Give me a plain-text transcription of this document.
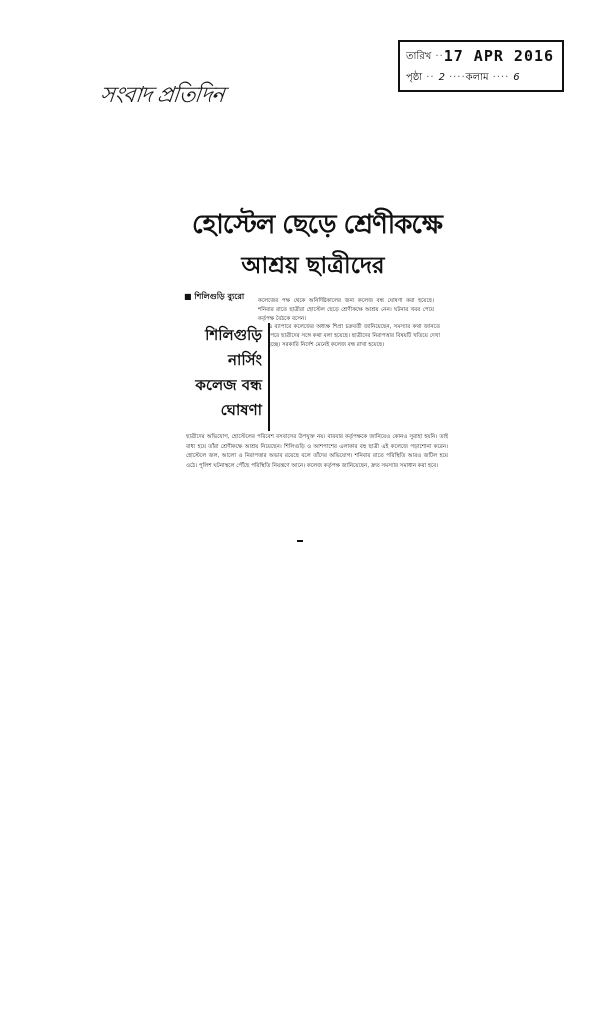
সংবাদ প্রতিদিন
তারিখ ·· 17 APR 2016
পৃষ্ঠা ·· 2 ···· কলাম ···· 6
হোস্টেল ছেড়ে শ্রেণীকক্ষে
আশ্রয় ছাত্রীদের
■ শিলিগুড়ি ব্যুরো	কলেজের পক্ষ থেকে অনির্দিষ্টকালের জন্য কলেজ বন্ধ ঘোষণা করা হয়েছে। শনিবার রাতে ছাত্রীরা হোস্টেল ছেড়ে শ্রেণীকক্ষে আশ্রয় নেন। ঘটনার খবর পেয়ে কর্তৃপক্ষ বৈঠকে বসেন।
শিলিগুড়ি
নার্সিং
কলেজ বন্ধ
ঘোষণা
এ ব্যাপারে কলেজের অধ্যক্ষ শিপ্রা চক্রবর্তী জানিয়েছেন, সমস্যার কথা জানতে পেরে ছাত্রীদের সঙ্গে কথা বলা হয়েছে। ছাত্রীদের নিরাপত্তার বিষয়টি খতিয়ে দেখা হচ্ছে। সরকারি নির্দেশ মেনেই কলেজ বন্ধ রাখা হয়েছে।
ছাত্রীদের অভিযোগ, হোস্টেলের পরিবেশ বসবাসের উপযুক্ত নয়। বারবার কর্তৃপক্ষকে জানিয়েও কোনও সুরাহা হয়নি। তাই বাধ্য হয়ে তাঁরা শ্রেণীকক্ষে আশ্রয় নিয়েছেন। শিলিগুড়ি ও আশপাশের এলাকার বহু ছাত্রী এই কলেজে পড়াশোনা করেন। হোস্টেলে জল, আলো ও নিরাপত্তার অভাব রয়েছে বলে তাঁদের অভিযোগ। শনিবার রাতে পরিস্থিতি আরও জটিল হয়ে ওঠে। পুলিশ ঘটনাস্থলে পৌঁছে পরিস্থিতি নিয়ন্ত্রণে আনে। কলেজ কর্তৃপক্ষ জানিয়েছেন, দ্রুত সমস্যার সমাধান করা হবে।
